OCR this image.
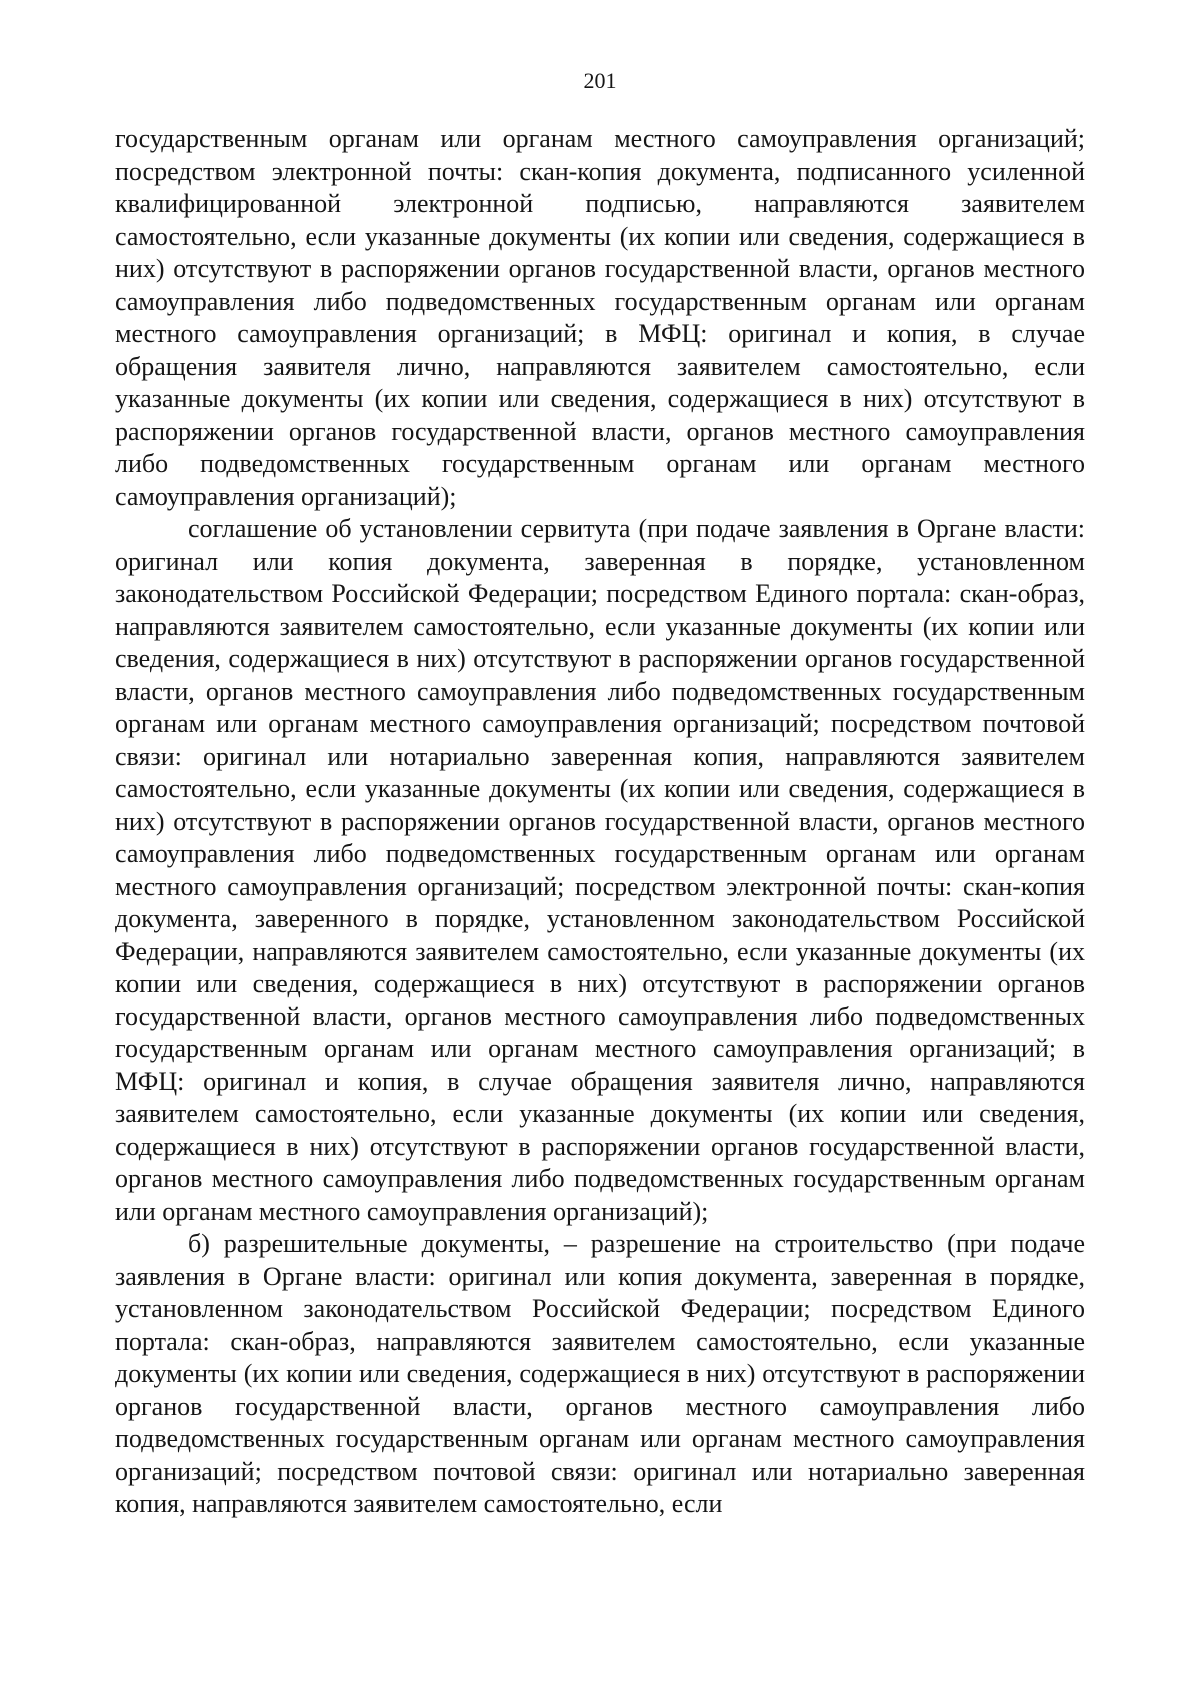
201

государственным органам или органам местного самоуправления организаций; посредством электронной почты: скан-копия документа, подписанного усиленной квалифицированной электронной подписью, направляются заявителем самостоятельно, если указанные документы (их копии или сведения, содержащиеся в них) отсутствуют в распоряжении органов государственной власти, органов местного самоуправления либо подведомственных государственным органам или органам местного самоуправления организаций; в МФЦ: оригинал и копия, в случае обращения заявителя лично, направляются заявителем самостоятельно, если указанные документы (их копии или сведения, содержащиеся в них) отсутствуют в распоряжении органов государственной власти, органов местного самоуправления либо подведомственных государственным органам или органам местного самоуправления организаций);

соглашение об установлении сервитута (при подаче заявления в Органе власти: оригинал или копия документа, заверенная в порядке, установленном законодательством Российской Федерации; посредством Единого портала: скан-образ, направляются заявителем самостоятельно, если указанные документы (их копии или сведения, содержащиеся в них) отсутствуют в распоряжении органов государственной власти, органов местного самоуправления либо подведомственных государственным органам или органам местного самоуправления организаций; посредством почтовой связи: оригинал или нотариально заверенная копия, направляются заявителем самостоятельно, если указанные документы (их копии или сведения, содержащиеся в них) отсутствуют в распоряжении органов государственной власти, органов местного самоуправления либо подведомственных государственным органам или органам местного самоуправления организаций; посредством электронной почты: скан-копия документа, заверенного в порядке, установленном законодательством Российской Федерации, направляются заявителем самостоятельно, если указанные документы (их копии или сведения, содержащиеся в них) отсутствуют в распоряжении органов государственной власти, органов местного самоуправления либо подведомственных государственным органам или органам местного самоуправления организаций; в МФЦ: оригинал и копия, в случае обращения заявителя лично, направляются заявителем самостоятельно, если указанные документы (их копии или сведения, содержащиеся в них) отсутствуют в распоряжении органов государственной власти, органов местного самоуправления либо подведомственных государственным органам или органам местного самоуправления организаций);

б) разрешительные документы, – разрешение на строительство (при подаче заявления в Органе власти: оригинал или копия документа, заверенная в порядке, установленном законодательством Российской Федерации; посредством Единого портала: скан-образ, направляются заявителем самостоятельно, если указанные документы (их копии или сведения, содержащиеся в них) отсутствуют в распоряжении органов государственной власти, органов местного самоуправления либо подведомственных государственным органам или органам местного самоуправления организаций; посредством почтовой связи: оригинал или нотариально заверенная копия, направляются заявителем самостоятельно, если
